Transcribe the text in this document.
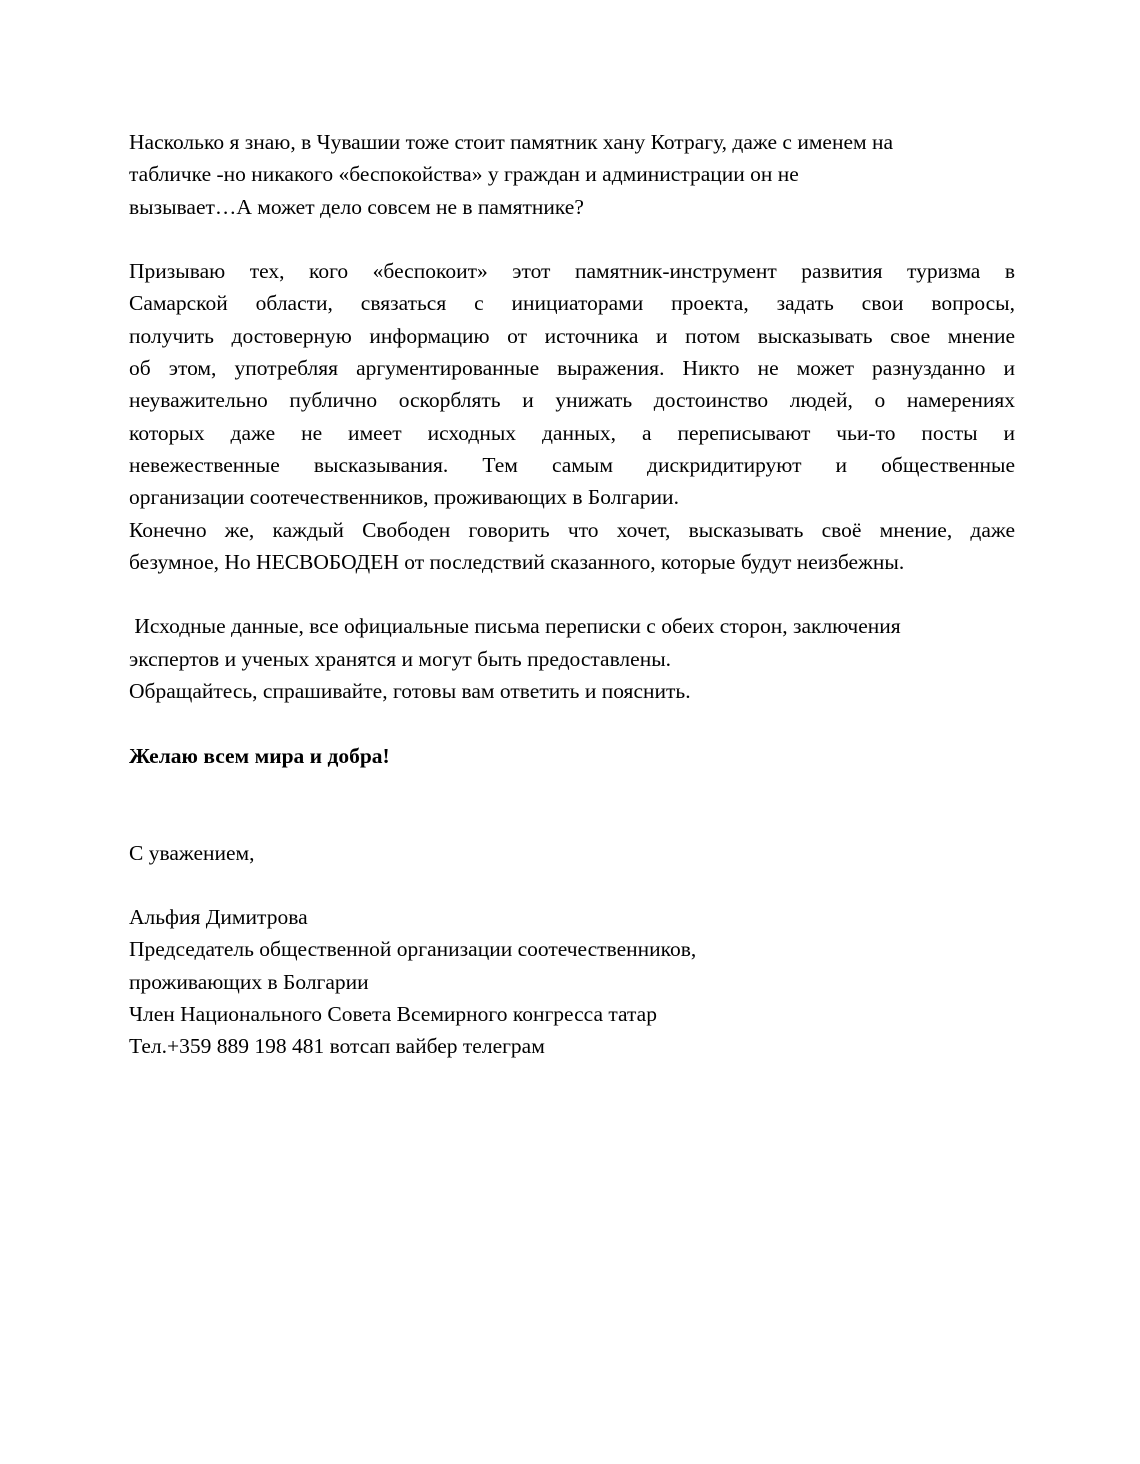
Насколько я знаю, в Чувашии тоже стоит памятник хану Котрагу, даже с именем на
табличке -но никакого «беспокойства» у граждан и администрации он не
вызывает…А может дело совсем не в памятнике?
Призываю тех, кого «беспокоит» этот памятник-инструмент развития туризма в
Самарской области, связаться с инициаторами проекта, задать свои вопросы,
получить достоверную информацию от источника и потом высказывать свое мнение
об этом, употребляя аргументированные выражения. Никто не может разнузданно и
неуважительно публично оскорблять и унижать достоинство людей, о намерениях
которых даже не имеет исходных данных, а переписывают чьи-то посты и
невежественные высказывания. Тем самым дискридитируют и общественные
организации соотечественников, проживающих в Болгарии.
Конечно же, каждый Свободен говорить что хочет, высказывать своё мнение, даже
безумное, Но НЕСВОБОДЕН от последствий сказанного, которые будут неизбежны.
Исходные данные, все официальные письма переписки с обеих сторон, заключения
экспертов и ученых хранятся и могут быть предоставлены.
Обращайтесь, спрашивайте, готовы вам ответить и пояснить.
Желаю всем мира и добра!
С уважением,
Альфия Димитрова
Председатель общественной организации соотечественников,
проживающих в Болгарии
Член Национального Совета Всемирного конгресса татар
Тел.+359 889 198 481 вотсап вайбер телеграм
